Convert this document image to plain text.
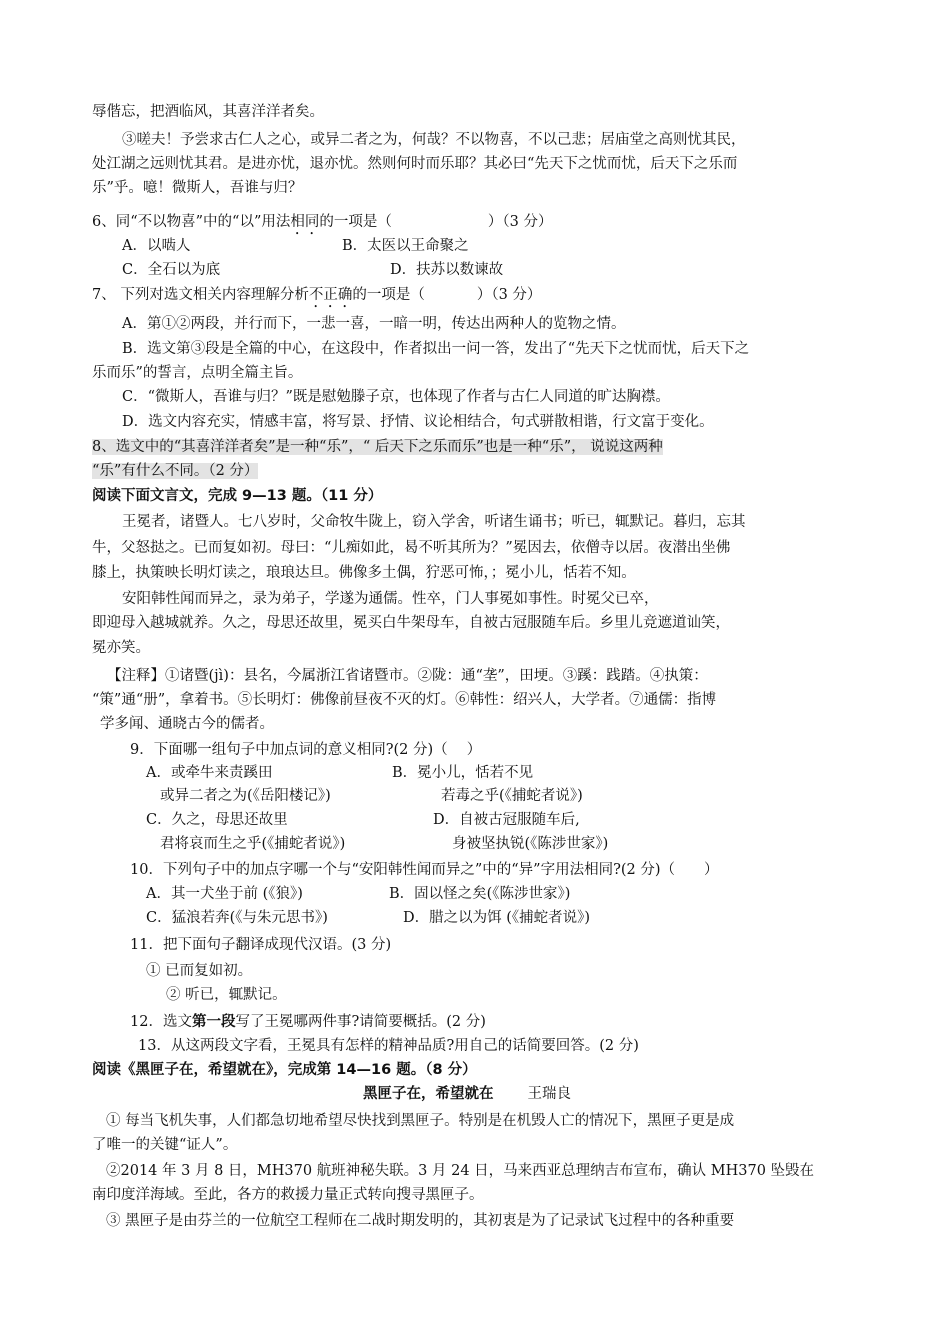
辱偕忘，把酒临风，其喜洋洋者矣。
③嗟夫！予尝求古仁人之心，或异二者之为，何哉？不以物喜，不以己悲；居庙堂之高则忧其民，
处江湖之远则忧其君。是进亦忧，退亦忧。然则何时而乐耶？其必曰“先天下之忧而忧，后天下之乐而
乐”乎。噫！微斯人，吾谁与归？
6、同“不以物喜”中的“以”用法相同的一项是（	）（3 分）
A．以啮人	B．太医以王命聚之
C．全石以为底	D．扶苏以数谏故
7、 下列对选文相关内容理解分析不正确的一项是（	）（3 分）
A．第①②两段，并行而下，一悲一喜，一暗一明，传达出两种人的览物之情。
B．选文第③段是全篇的中心，在这段中，作者拟出一问一答，发出了“先天下之忧而忧，后天下之
乐而乐”的誓言，点明全篇主旨。
C．“微斯人，吾谁与归？”既是慰勉滕子京，也体现了作者与古仁人同道的旷达胸襟。
D．选文内容充实，情感丰富，将写景、抒情、议论相结合，句式骈散相谐，行文富于变化。
8、选文中的“其喜洋洋者矣”是一种“乐”，“ 后天下之乐而乐”也是一种“乐”， 说说这两种
“乐”有什么不同。（2 分）
阅读下面文言文，完成 9—13 题。（11 分）
王冕者，诸暨人。七八岁时，父命牧牛陇上，窃入学舍，听诸生诵书；听已，辄默记。暮归，忘其
牛，父怒挞之。已而复如初。母曰：“儿痴如此，曷不听其所为？”冕因去，依僧寺以居。夜潜出坐佛
膝上，执策映长明灯读之，琅琅达旦。佛像多土偶，狞恶可怖，；冕小儿，恬若不知。
安阳韩性闻而异之，录为弟子，学遂为通儒。性卒，门人事冕如事性。时冕父已卒，
即迎母入越城就养。久之，母思还故里，冕买白牛架母车，自被古冠服随车后。乡里儿竞遮道讪笑，
冕亦笑。
【注释】①诸暨(jì)：县名，今属浙江省诸暨市。②陇：通“垄”，田埂。③蹊：践踏。④执策：
“策”通“册”，拿着书。⑤长明灯：佛像前昼夜不灭的灯。⑥韩性：绍兴人，大学者。⑦通儒：指博
学多闻、通晓古今的儒者。
9．下面哪一组句子中加点词的意义相同?(2 分)（　 ）
A．或牵牛来责蹊田	B．冕小儿，恬若不见
或异二者之为(《岳阳楼记》)	若毒之乎(《捕蛇者说》)
C．久之，母思还故里	D．自被古冠服随车后,
君将哀而生之乎(《捕蛇者说》)	身被坚执锐(《陈涉世家》)
10．下列句子中的加点字哪一个与“安阳韩性闻而异之”中的“异”字用法相同?(2 分)（　　）
A．其一犬坐于前 (《狼》)	B．固以怪之矣(《陈涉世家》)
C．猛浪若奔(《与朱元思书》)	D．腊之以为饵 (《捕蛇者说》)
11．把下面句子翻译成现代汉语。(3 分)
① 已而复如初。
② 听已，辄默记。
12．选文第一段写了王冕哪两件事?请简要概括。(2 分)
13．从这两段文字看，王冕具有怎样的精神品质?用自己的话简要回答。(2 分)
阅读《黑匣子在，希望就在》，完成第 14—16 题。（8 分）
黑匣子在，希望就在 王瑞良
① 每当飞机失事，人们都急切地希望尽快找到黑匣子。特别是在机毁人亡的情况下，黑匣子更是成
了唯一的关键“证人”。
②2014 年 3 月 8 日，MH370 航班神秘失联。3 月 24 日，马来西亚总理纳吉布宣布，确认 MH370 坠毁在
南印度洋海域。至此，各方的救援力量正式转向搜寻黑匣子。
③ 黑匣子是由芬兰的一位航空工程师在二战时期发明的，其初衷是为了记录试飞过程中的各种重要
